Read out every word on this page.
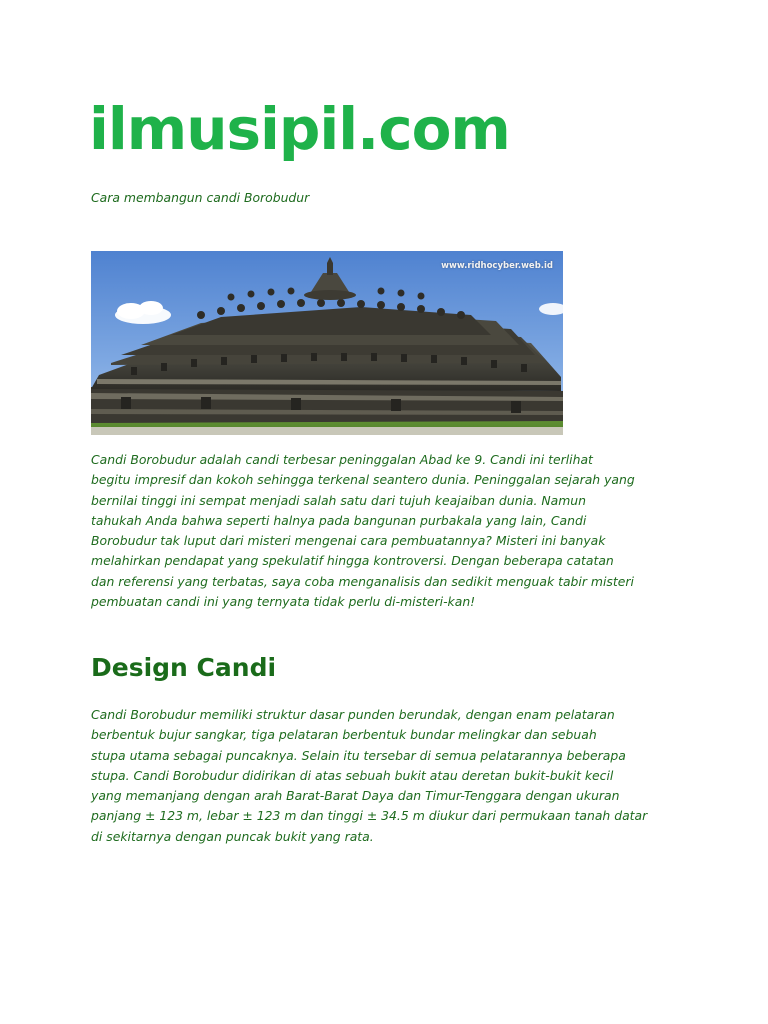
ilmusipil.com

Cara membangun candi Borobudur

www.ridhocyber.web.id

Candi Borobudur adalah candi terbesar peninggalan Abad ke 9. Candi ini terlihat
begitu impresif dan kokoh sehingga terkenal seantero dunia. Peninggalan sejarah yang
bernilai tinggi ini sempat menjadi salah satu dari tujuh keajaiban dunia. Namun
tahukah Anda bahwa seperti halnya pada bangunan purbakala yang lain, Candi
Borobudur tak luput dari misteri mengenai cara pembuatannya? Misteri ini banyak
melahirkan pendapat yang spekulatif hingga kontroversi. Dengan beberapa catatan
dan referensi yang terbatas, saya coba menganalisis dan sedikit menguak tabir misteri
pembuatan candi ini yang ternyata tidak perlu di-misteri-kan!

Design Candi

Candi Borobudur memiliki struktur dasar punden berundak, dengan enam pelataran
berbentuk bujur sangkar, tiga pelataran berbentuk bundar melingkar dan sebuah
stupa utama sebagai puncaknya. Selain itu tersebar di semua pelatarannya beberapa
stupa. Candi Borobudur didirikan di atas sebuah bukit atau deretan bukit-bukit kecil
yang memanjang dengan arah Barat-Barat Daya dan Timur-Tenggara dengan ukuran
panjang ± 123 m, lebar ± 123 m dan tinggi ± 34.5 m diukur dari permukaan tanah datar
di sekitarnya dengan puncak bukit yang rata.
